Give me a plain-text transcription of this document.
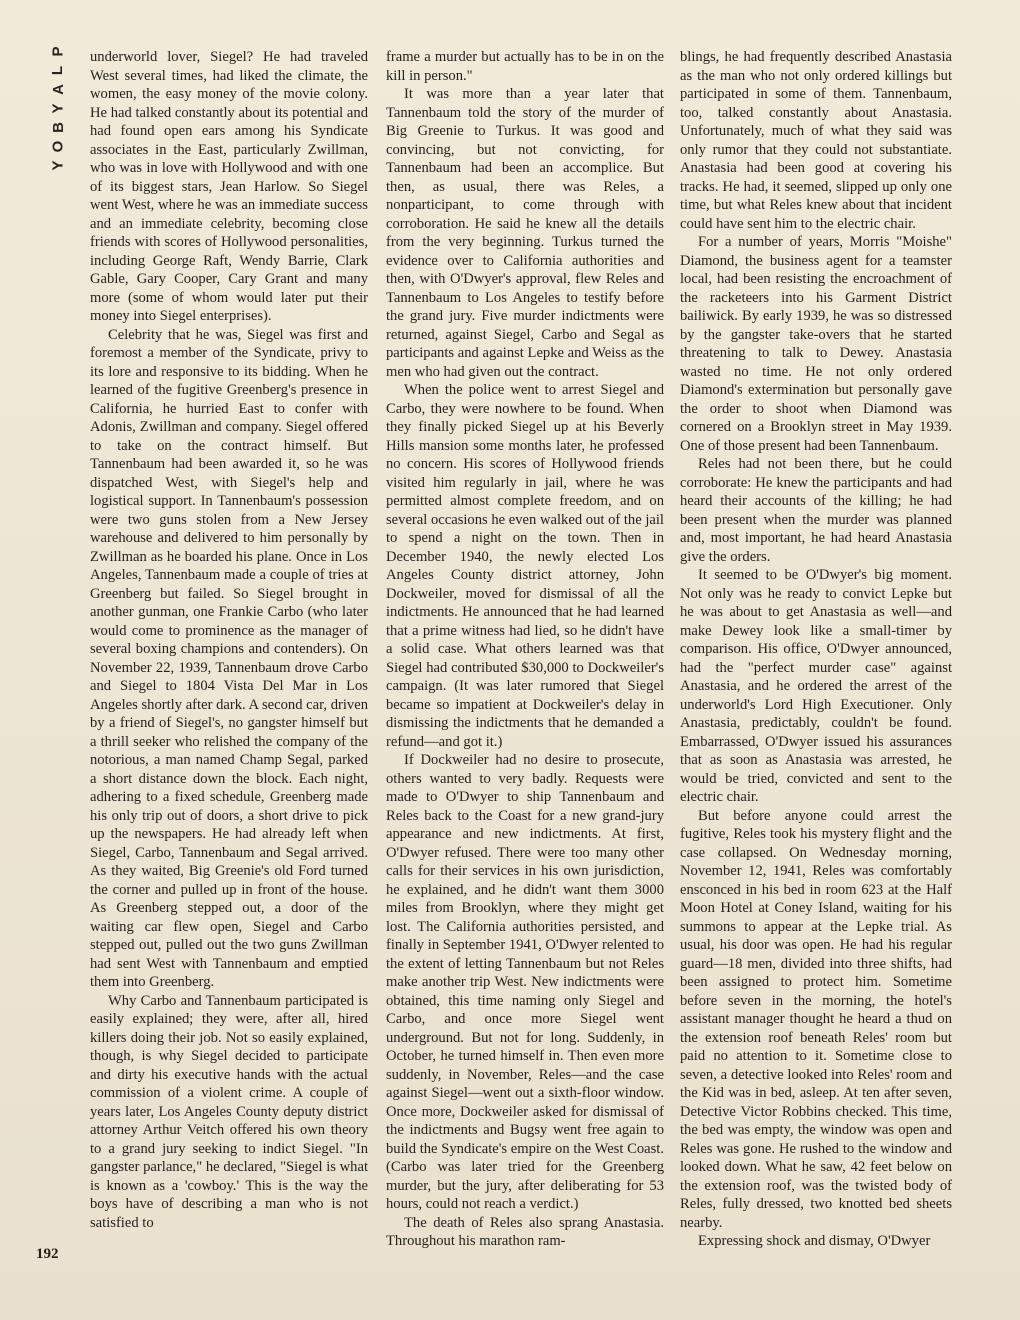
P
L
A
Y
B
O
Y

underworld lover, Siegel? He had traveled West several times, had liked the climate, the women, the easy money of the movie colony. He had talked constantly about its potential and had found open ears among his Syndicate associates in the East, particularly Zwillman, who was in love with Hollywood and with one of its biggest stars, Jean Harlow. So Siegel went West, where he was an immediate success and an immediate celebrity, becoming close friends with scores of Hollywood personalities, including George Raft, Wendy Barrie, Clark Gable, Gary Cooper, Cary Grant and many more (some of whom would later put their money into Siegel enterprises).

Celebrity that he was, Siegel was first and foremost a member of the Syndicate, privy to its lore and responsive to its bidding. When he learned of the fugitive Greenberg's presence in California, he hurried East to confer with Adonis, Zwillman and company. Siegel offered to take on the contract himself. But Tannenbaum had been awarded it, so he was dispatched West, with Siegel's help and logistical support. In Tannenbaum's possession were two guns stolen from a New Jersey warehouse and delivered to him personally by Zwillman as he boarded his plane. Once in Los Angeles, Tannenbaum made a couple of tries at Greenberg but failed. So Siegel brought in another gunman, one Frankie Carbo (who later would come to prominence as the manager of several boxing champions and contenders). On November 22, 1939, Tannenbaum drove Carbo and Siegel to 1804 Vista Del Mar in Los Angeles shortly after dark. A second car, driven by a friend of Siegel's, no gangster himself but a thrill seeker who relished the company of the notorious, a man named Champ Segal, parked a short distance down the block. Each night, adhering to a fixed schedule, Greenberg made his only trip out of doors, a short drive to pick up the newspapers. He had already left when Siegel, Carbo, Tannenbaum and Segal arrived. As they waited, Big Greenie's old Ford turned the corner and pulled up in front of the house. As Greenberg stepped out, a door of the waiting car flew open, Siegel and Carbo stepped out, pulled out the two guns Zwillman had sent West with Tannenbaum and emptied them into Greenberg.

Why Carbo and Tannenbaum participated is easily explained; they were, after all, hired killers doing their job. Not so easily explained, though, is why Siegel decided to participate and dirty his executive hands with the actual commission of a violent crime. A couple of years later, Los Angeles County deputy district attorney Arthur Veitch offered his own theory to a grand jury seeking to indict Siegel. "In gangster parlance," he declared, "Siegel is what is known as a 'cowboy.' This is the way the boys have of describing a man who is not satisfied to

frame a murder but actually has to be in on the kill in person."

It was more than a year later that Tannenbaum told the story of the murder of Big Greenie to Turkus. It was good and convincing, but not convicting, for Tannenbaum had been an accomplice. But then, as usual, there was Reles, a nonparticipant, to come through with corroboration. He said he knew all the details from the very beginning. Turkus turned the evidence over to California authorities and then, with O'Dwyer's approval, flew Reles and Tannenbaum to Los Angeles to testify before the grand jury. Five murder indictments were returned, against Siegel, Carbo and Segal as participants and against Lepke and Weiss as the men who had given out the contract.

When the police went to arrest Siegel and Carbo, they were nowhere to be found. When they finally picked Siegel up at his Beverly Hills mansion some months later, he professed no concern. His scores of Hollywood friends visited him regularly in jail, where he was permitted almost complete freedom, and on several occasions he even walked out of the jail to spend a night on the town. Then in December 1940, the newly elected Los Angeles County district attorney, John Dockweiler, moved for dismissal of all the indictments. He announced that he had learned that a prime witness had lied, so he didn't have a solid case. What others learned was that Siegel had contributed $30,000 to Dockweiler's campaign. (It was later rumored that Siegel became so impatient at Dockweiler's delay in dismissing the indictments that he demanded a refund—and got it.)

If Dockweiler had no desire to prosecute, others wanted to very badly. Requests were made to O'Dwyer to ship Tannenbaum and Reles back to the Coast for a new grand-jury appearance and new indictments. At first, O'Dwyer refused. There were too many other calls for their services in his own jurisdiction, he explained, and he didn't want them 3000 miles from Brooklyn, where they might get lost. The California authorities persisted, and finally in September 1941, O'Dwyer relented to the extent of letting Tannenbaum but not Reles make another trip West. New indictments were obtained, this time naming only Siegel and Carbo, and once more Siegel went underground. But not for long. Suddenly, in October, he turned himself in. Then even more suddenly, in November, Reles—and the case against Siegel—went out a sixth-floor window. Once more, Dockweiler asked for dismissal of the indictments and Bugsy went free again to build the Syndicate's empire on the West Coast. (Carbo was later tried for the Greenberg murder, but the jury, after deliberating for 53 hours, could not reach a verdict.)

The death of Reles also sprang Anastasia. Throughout his marathon ram-

blings, he had frequently described Anastasia as the man who not only ordered killings but participated in some of them. Tannenbaum, too, talked constantly about Anastasia. Unfortunately, much of what they said was only rumor that they could not substantiate. Anastasia had been good at covering his tracks. He had, it seemed, slipped up only one time, but what Reles knew about that incident could have sent him to the electric chair.

For a number of years, Morris "Moishe" Diamond, the business agent for a teamster local, had been resisting the encroachment of the racketeers into his Garment District bailiwick. By early 1939, he was so distressed by the gangster take-overs that he started threatening to talk to Dewey. Anastasia wasted no time. He not only ordered Diamond's extermination but personally gave the order to shoot when Diamond was cornered on a Brooklyn street in May 1939. One of those present had been Tannenbaum.

Reles had not been there, but he could corroborate: He knew the participants and had heard their accounts of the killing; he had been present when the murder was planned and, most important, he had heard Anastasia give the orders.

It seemed to be O'Dwyer's big moment. Not only was he ready to convict Lepke but he was about to get Anastasia as well—and make Dewey look like a small-timer by comparison. His office, O'Dwyer announced, had the "perfect murder case" against Anastasia, and he ordered the arrest of the underworld's Lord High Executioner. Only Anastasia, predictably, couldn't be found. Embarrassed, O'Dwyer issued his assurances that as soon as Anastasia was arrested, he would be tried, convicted and sent to the electric chair.

But before anyone could arrest the fugitive, Reles took his mystery flight and the case collapsed. On Wednesday morning, November 12, 1941, Reles was comfortably ensconced in his bed in room 623 at the Half Moon Hotel at Coney Island, waiting for his summons to appear at the Lepke trial. As usual, his door was open. He had his regular guard—18 men, divided into three shifts, had been assigned to protect him. Sometime before seven in the morning, the hotel's assistant manager thought he heard a thud on the extension roof beneath Reles' room but paid no attention to it. Sometime close to seven, a detective looked into Reles' room and the Kid was in bed, asleep. At ten after seven, Detective Victor Robbins checked. This time, the bed was empty, the window was open and Reles was gone. He rushed to the window and looked down. What he saw, 42 feet below on the extension roof, was the twisted body of Reles, fully dressed, two knotted bed sheets nearby.

Expressing shock and dismay, O'Dwyer

192
